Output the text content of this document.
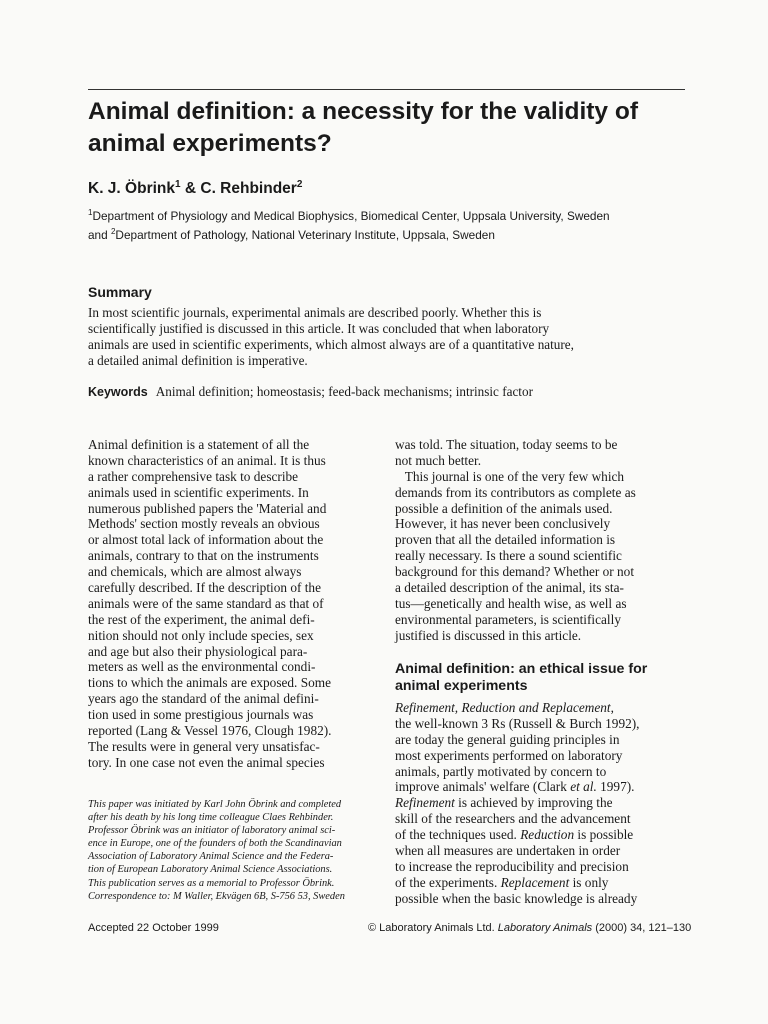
Animal definition: a necessity for the validity of animal experiments?
K. J. Öbrink$^1$ & C. Rehbinder$^2$
$^1$Department of Physiology and Medical Biophysics, Biomedical Center, Uppsala University, Sweden
and $^2$Department of Pathology, National Veterinary Institute, Uppsala, Sweden
Summary
In most scientific journals, experimental animals are described poorly. Whether this is
scientifically justified is discussed in this article. It was concluded that when laboratory
animals are used in scientific experiments, which almost always are of a quantitative nature,
a detailed animal definition is imperative.
Keywords Animal definition; homeostasis; feed-back mechanisms; intrinsic factor
Animal definition is a statement of all the
known characteristics of an animal. It is thus
a rather comprehensive task to describe
animals used in scientific experiments. In
numerous published papers the 'Material and
Methods' section mostly reveals an obvious
or almost total lack of information about the
animals, contrary to that on the instruments
and chemicals, which are almost always
carefully described. If the description of the
animals were of the same standard as that of
the rest of the experiment, the animal defi-
nition should not only include species, sex
and age but also their physiological para-
meters as well as the environmental condi-
tions to which the animals are exposed. Some
years ago the standard of the animal defini-
tion used in some prestigious journals was
reported (Lang & Vessel 1976, Clough 1982).
The results were in general very unsatisfac-
tory. In one case not even the animal species
was told. The situation, today seems to be
not much better.
This journal is one of the very few which
demands from its contributors as complete as
possible a definition of the animals used.
However, it has never been conclusively
proven that all the detailed information is
really necessary. Is there a sound scientific
background for this demand? Whether or not
a detailed description of the animal, its sta-
tus—genetically and health wise, as well as
environmental parameters, is scientifically
justified is discussed in this article.
Animal definition: an ethical issue for
animal experiments
Refinement, Reduction and Replacement,
the well-known 3 Rs (Russell & Burch 1992),
are today the general guiding principles in
most experiments performed on laboratory
animals, partly motivated by concern to
improve animals' welfare (Clark et al. 1997).
Refinement is achieved by improving the
skill of the researchers and the advancement
of the techniques used. Reduction is possible
when all measures are undertaken in order
to increase the reproducibility and precision
of the experiments. Replacement is only
possible when the basic knowledge is already
This paper was initiated by Karl John Öbrink and completed
after his death by his long time colleague Claes Rehbinder.
Professor Öbrink was an initiator of laboratory animal sci-
ence in Europe, one of the founders of both the Scandinavian
Association of Laboratory Animal Science and the Federa-
tion of European Laboratory Animal Science Associations.
This publication serves as a memorial to Professor Öbrink.
Correspondence to: M Waller, Ekvägen 6B, S-756 53, Sweden
Accepted 22 October 1999	© Laboratory Animals Ltd. Laboratory Animals (2000) 34, 121–130
